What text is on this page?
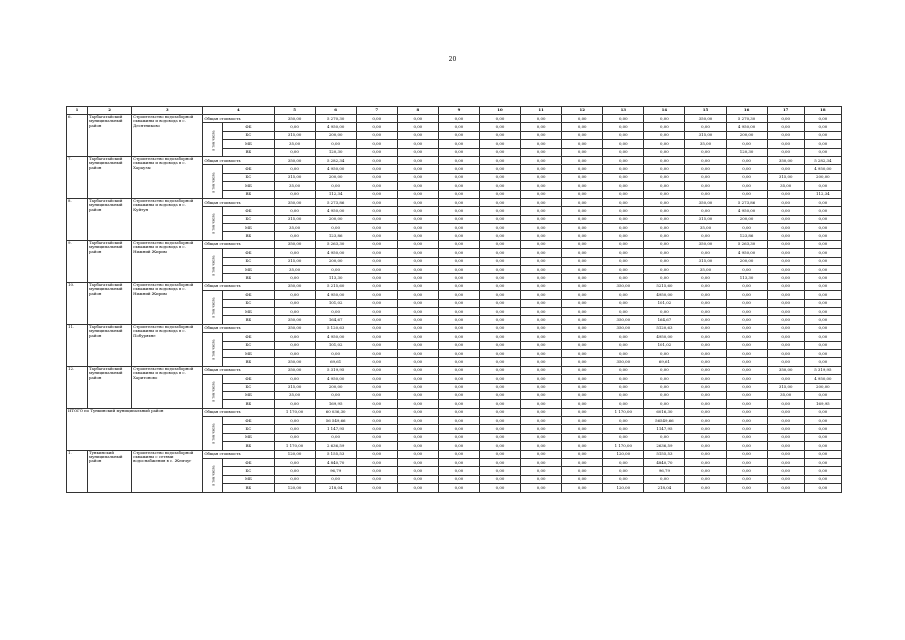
20
1	2	3	4		5	6	7	8	9	10	11	12	13	14	15	16	17	18
6.	Тарбагатайский муниципальный район	Строительство водозаборной скважины и водовода в с. Десятниково	Общая стоимость		350,00	5 270,30	0,00	0,00	0,00	0,00	0,00	0,00	0,00	0,00	350,00	5 270,30	0,00	0,00
			в том числе:	ФБ	0,00	4 950,00	0,00	0,00	0,00	0,00	0,00	0,00	0,00	0,00	0,00	4 950,00	0,00	0,00
				БС	315,00	200,00	0,00	0,00	0,00	0,00	0,00	0,00	0,00	0,00	315,00	200,00	0,00	0,00
				МБ	35,00	0,00	0,00	0,00	0,00	0,00	0,00	0,00	0,00	0,00	35,00	0,00	0,00	0,00
				ВБ	0,00	120,30	0,00	0,00	0,00	0,00	0,00	0,00	0,00	0,00	0,00	120,30	0,00	0,00
7.	Тарбагатайский муниципальный район	Строительство водозаборной скважины и водовода в с. Хараузы	Общая стоимость		350,00	5 282,34	0,00	0,00	0,00	0,00	0,00	0,00	0,00	0,00	0,00	0,00	350,00	5 282,34
			в том числе:	ФБ	0,00	4 950,00	0,00	0,00	0,00	0,00	0,00	0,00	0,00	0,00	0,00	0,00	0,00	4 950,00
				БС	315,00	200,00	0,00	0,00	0,00	0,00	0,00	0,00	0,00	0,00	0,00	0,00	315,00	200,00
				МБ	35,00	0,00	0,00	0,00	0,00	0,00	0,00	0,00	0,00	0,00	0,00	0,00	35,00	0,00
				ВБ	0,00	112,34	0,00	0,00	0,00	0,00	0,00	0,00	0,00	0,00	0,00	0,00	0,00	112,34
8.	Тарбагатайский муниципальный район	Строительство водозаборной скважины и водовода в с. Куйтун	Общая стоимость		350,00	5 273,86	0,00	0,00	0,00	0,00	0,00	0,00	0,00	0,00	350,00	5 273,86	0,00	0,00
			в том числе:	ФБ	0,00	4 950,00	0,00	0,00	0,00	0,00	0,00	0,00	0,00	0,00	0,00	4 950,00	0,00	0,00
				БС	315,00	200,00	0,00	0,00	0,00	0,00	0,00	0,00	0,00	0,00	315,00	200,00	0,00	0,00
				МБ	35,00	0,00	0,00	0,00	0,00	0,00	0,00	0,00	0,00	0,00	35,00	0,00	0,00	0,00
				ВБ	0,00	123,86	0,00	0,00	0,00	0,00	0,00	0,00	0,00	0,00	0,00	123,86	0,00	0,00
9.	Тарбагатайский муниципальный район	Строительство водозаборной скважины и водовода в с. Нижний Жирим	Общая стоимость		350,00	5 263,30	0,00	0,00	0,00	0,00	0,00	0,00	0,00	0,00	350,00	5 263,30	0,00	0,00
			в том числе:	ФБ	0,00	4 950,00	0,00	0,00	0,00	0,00	0,00	0,00	0,00	0,00	0,00	4 950,00	0,00	0,00
				БС	315,00	200,00	0,00	0,00	0,00	0,00	0,00	0,00	0,00	0,00	315,00	200,00	0,00	0,00
				МБ	35,00	0,00	0,00	0,00	0,00	0,00	0,00	0,00	0,00	0,00	35,00	0,00	0,00	0,00
				ВБ	0,00	113,30	0,00	0,00	0,00	0,00	0,00	0,00	0,00	0,00	0,00	113,30	0,00	0,00
10.	Тарбагатайский муниципальный район	Строительство водозаборной скважины и водовода в с. Нижний Жирим	Общая стоимость		350,00	5 215,60	0,00	0,00	0,00	0,00	0,00	0,00	350,00	5215,60	0,00	0,00	0,00	0,00
			в том числе:	ФБ	0,00	4 950,00	0,00	0,00	0,00	0,00	0,00	0,00	0,00	4950,00	0,00	0,00	0,00	0,00
				БС	0,00	101,02	0,00	0,00	0,00	0,00	0,00	0,00	0,00	101,02	0,00	0,00	0,00	0,00
				МБ	0,00	0,00	0,00	0,00	0,00	0,00	0,00	0,00	0,00	0,00	0,00	0,00	0,00	0,00
				ВБ	350,00	164,67	0,00	0,00	0,00	0,00	0,00	0,00	350,00	164,67	0,00	0,00	0,00	0,00
11.	Тарбагатайский муниципальный район	Строительство водозаборной скважины и водовода в с. Побуряхне	Общая стоимость		350,00	5 120,63	0,00	0,00	0,00	0,00	0,00	0,00	350,00	5120,63	0,00	0,00	0,00	0,00
			в том числе:	ФБ	0,00	4 950,00	0,00	0,00	0,00	0,00	0,00	0,00	0,00	4950,00	0,00	0,00	0,00	0,00
				БС	0,00	101,02	0,00	0,00	0,00	0,00	0,00	0,00	0,00	101,02	0,00	0,00	0,00	0,00
				МБ	0,00	0,00	0,00	0,00	0,00	0,00	0,00	0,00	0,00	0,00	0,00	0,00	0,00	0,00
				ВБ	350,00	69,61	0,00	0,00	0,00	0,00	0,00	0,00	350,00	69,61	0,00	0,00	0,00	0,00
12.	Тарбагатайский муниципальный район	Строительство водозаборной скважины и водовода в с. Харитоново	Общая стоимость		350,00	5 319,95	0,00	0,00	0,00	0,00	0,00	0,00	0,00	0,00	0,00	0,00	350,00	5 319,95
			в том числе:	ФБ	0,00	4 950,00	0,00	0,00	0,00	0,00	0,00	0,00	0,00	0,00	0,00	0,00	0,00	4 950,00
				БС	315,00	200,00	0,00	0,00	0,00	0,00	0,00	0,00	0,00	0,00	0,00	0,00	315,00	200,00
				МБ	35,00	0,00	0,00	0,00	0,00	0,00	0,00	0,00	0,00	0,00	0,00	0,00	35,00	0,00
				ВБ	0,00	169,95	0,00	0,00	0,00	0,00	0,00	0,00	0,00	0,00	0,00	0,00	0,00	169,95
ИТОГО по Тункинский муниципальный район			Общая стоимость		1 170,00	60 036,30	0,00	0,00	0,00	0,00	0,00	0,00	1 170,00	6016,30	0,00	0,00	0,00	0,00
			в том числе:	ФБ	0,00	56 549,66	0,00	0,00	0,00	0,00	0,00	0,00	0,00	56549,66	0,00	0,00	0,00	0,00
				БС	0,00	1 147,95	0,00	0,00	0,00	0,00	0,00	0,00	0,00	1147,95	0,00	0,00	0,00	0,00
				МБ	0,00	0,00	0,00	0,00	0,00	0,00	0,00	0,00	0,00	0,00	0,00	0,00	0,00	0,00
				ВБ	1 170,00	2 636,59	0,00	0,00	0,00	0,00	0,00	0,00	1 170,00	2636,59	0,00	0,00	0,00	0,00
1.	Тункинский муниципальный район	Строительство водозаборной скважины с сетями водоснабжения в с. Жемчуг	Общая стоимость		120,00	5 155,53	0,00	0,00	0,00	0,00	0,00	0,00	120,00	5155,53	0,00	0,00	0,00	0,00
			в том числе:	ФБ	0,00	4 840,70	0,00	0,00	0,00	0,00	0,00	0,00	0,00	4840,70	0,00	0,00	0,00	0,00
				БС	0,00	96,79	0,00	0,00	0,00	0,00	0,00	0,00	0,00	96,79	0,00	0,00	0,00	0,00
				МБ	0,00	0,00	0,00	0,00	0,00	0,00	0,00	0,00	0,00	0,00	0,00	0,00	0,00	0,00
				ВБ	120,00	218,04	0,00	0,00	0,00	0,00	0,00	0,00	120,00	218,04	0,00	0,00	0,00	0,00
